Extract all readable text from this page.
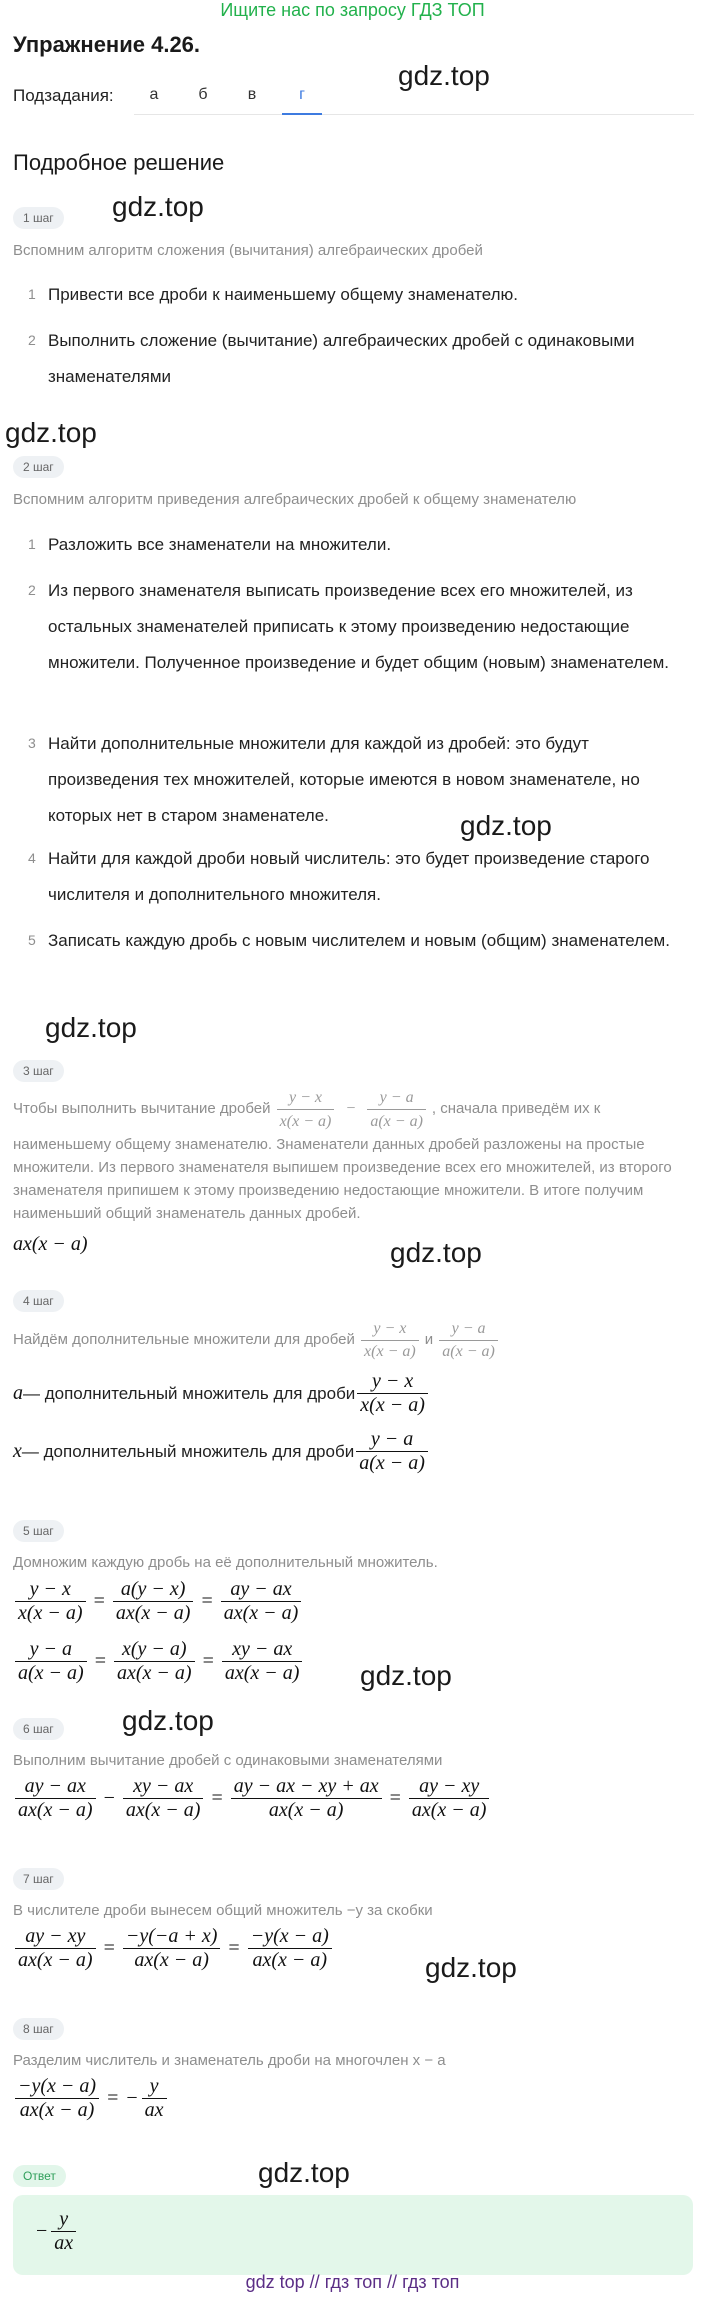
Ищите нас по запросу ГДЗ ТОП
Упражнение 4.26.
Подзадания:	а	б	в	г
gdz.top
Подробное решение
1 шаг	gdz.top
Вспомним алгоритм сложения (вычитания) алгебраических дробей
1 Привести все дроби к наименьшему общему знаменателю.
2 Выполнить сложение (вычитание) алгебраических дробей с одинаковыми знаменателями
gdz.top
2 шаг
Вспомним алгоритм приведения алгебраических дробей к общему знаменателю
1 Разложить все знаменатели на множители.
2 Из первого знаменателя выписать произведение всех его множителей, из остальных знаменателей приписать к этому произведению недостающие множители. Полученное произведение и будет общим (новым) знаменателем.
3 Найти дополнительные множители для каждой из дробей: это будут произведения тех множителей, которые имеются в новом знаменателе, но которых нет в старом знаменателе.	gdz.top
4 Найти для каждой дроби новый числитель: это будет произведение старого числителя и дополнительного множителя.
5 Записать каждую дробь с новым числителем и новым (общим) знаменателем.
gdz.top
3 шаг
Чтобы выполнить вычитание дробей $\frac{y - x}{x(x - a)} - \frac{y - a}{a(x - a)}$ , сначала приведём их к наименьшему общему знаменателю. Знаменатели данных дробей разложены на простые множители. Из первого знаменателя выпишем произведение всех его множителей, из второго знаменателя припишем к этому произведению недостающие множители. В итоге получим наименьший общий знаменатель данных дробей.
ax(x − a)	gdz.top
4 шаг
Найдём дополнительные множители для дробей $\frac{y - x}{x(x - a)}$ и $\frac{y - a}{a(x - a)}$
a — дополнительный множитель для дроби $\frac{y - x}{x(x - a)}$
x — дополнительный множитель для дроби $\frac{y - a}{a(x - a)}$
5 шаг
Домножим каждую дробь на её дополнительный множитель.
$\frac{y - x}{x(x - a)} = \frac{a(y - x)}{ax(x - a)} = \frac{ay - ax}{ax(x - a)}$
$\frac{y - a}{a(x - a)} = \frac{x(y - a)}{ax(x - a)} = \frac{xy - ax}{ax(x - a)} gdz.top$
gdz.top
6 шаг
Выполним вычитание дробей с одинаковыми знаменателями
$\frac{ay - ax}{ax(x - a)} - \frac{xy - ax}{ax(x - a)} = \frac{ay - ax - xy + ax}{ax(x - a)} = \frac{ay - xy}{ax(x - a)}$
7 шаг
В числителе дроби вынесем общий множитель −y за скобки
$\frac{ay - xy}{ax(x - a)} = \frac{-y(-a + x)}{ax(x - a)} = \frac{-y(x - a)}{ax(x - a)}$	gdz.top
8 шаг
Разделим числитель и знаменатель дроби на многочлен x − a
$\frac{-y(x - a)}{ax(x - a)}$ = − $\frac{y}{ax}$
gdz.top
Ответ
− $\frac{y}{ax}$
gdz top // гдз топ // гдз топ
